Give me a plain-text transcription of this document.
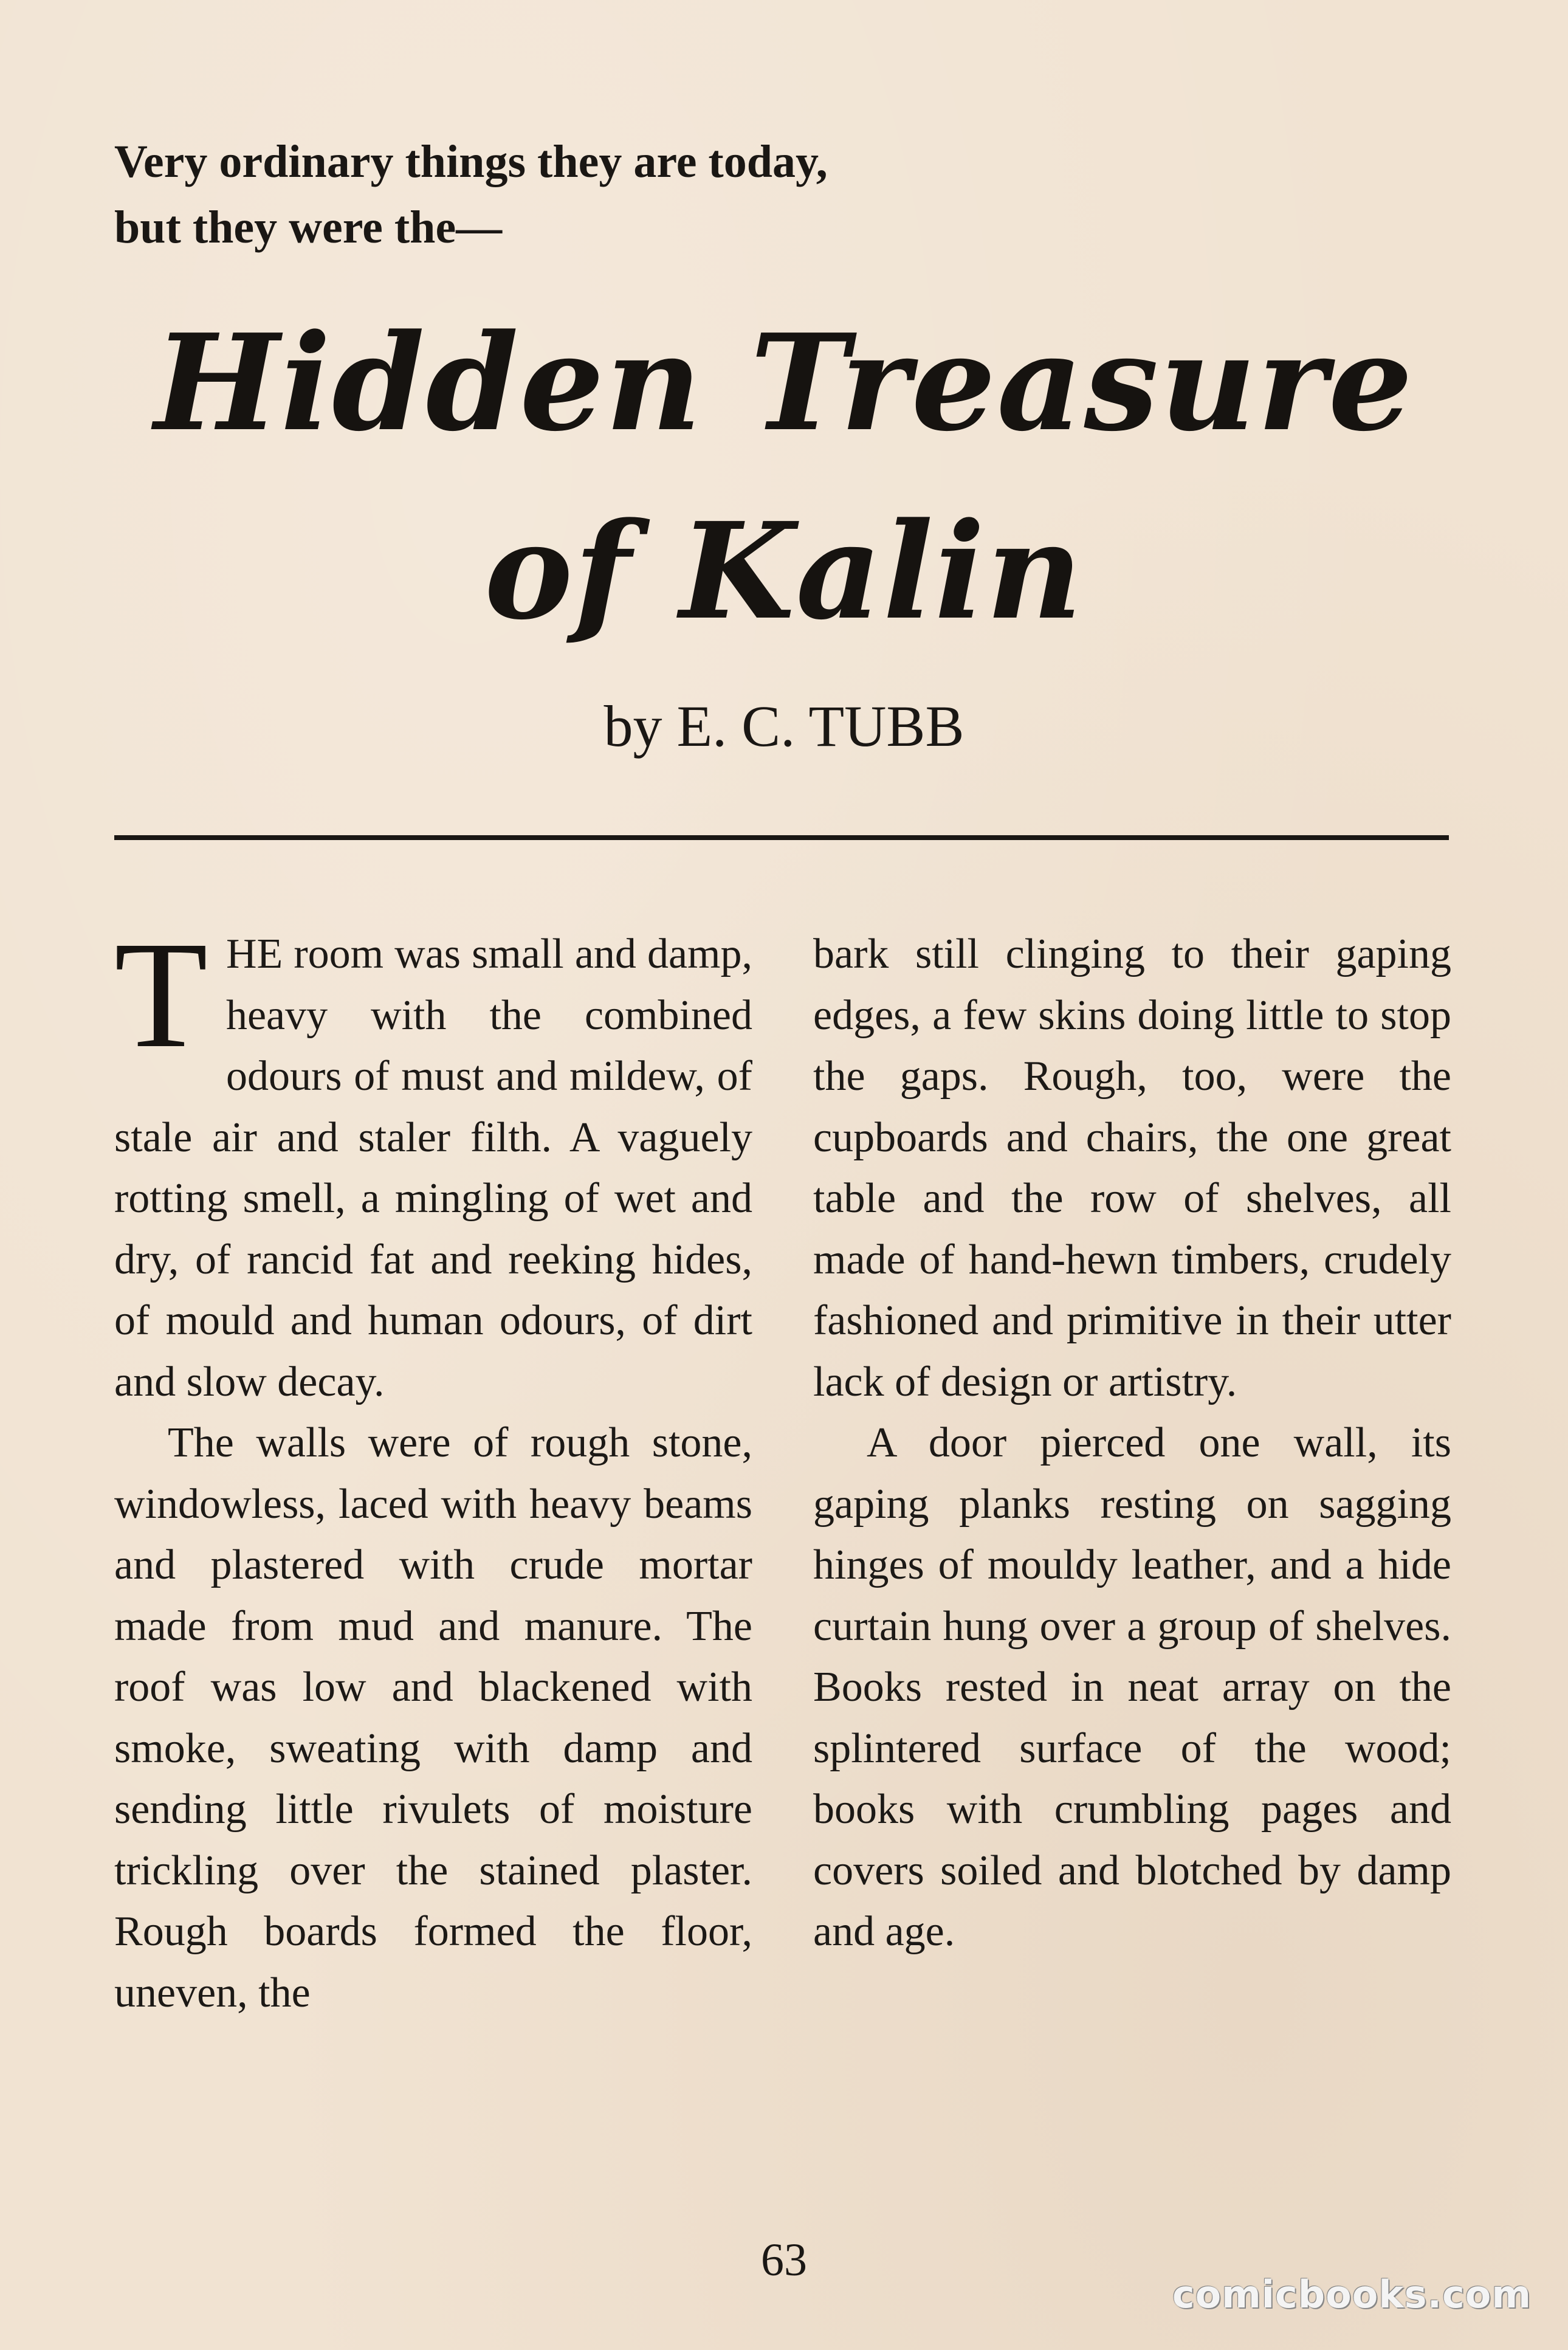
Very ordinary things they are today,
but they were the—
Hidden Treasure
of Kalin
by E. C. TUBB

THE room was small and damp, heavy with the combined odours of must and mildew, of stale air and staler filth. A vaguely rotting smell, a mingling of wet and dry, of rancid fat and reeking hides, of mould and human odours, of dirt and slow decay.

The walls were of rough stone, windowless, laced with heavy beams and plastered with crude mortar made from mud and manure. The roof was low and blackened with smoke, sweating with damp and sending little rivulets of moisture trickling over the stained plaster. Rough boards formed the floor, uneven, the

bark still clinging to their gaping edges, a few skins doing little to stop the gaps. Rough, too, were the cupboards and chairs, the one great table and the row of shelves, all made of hand-hewn timbers, crudely fashioned and primitive in their utter lack of design or artistry.

A door pierced one wall, its gaping planks resting on sagging hinges of mouldy leather, and a hide curtain hung over a group of shelves. Books rested in neat array on the splintered surface of the wood; books with crumbling pages and covers soiled and blotched by damp and age.

63
comicbooks.com
